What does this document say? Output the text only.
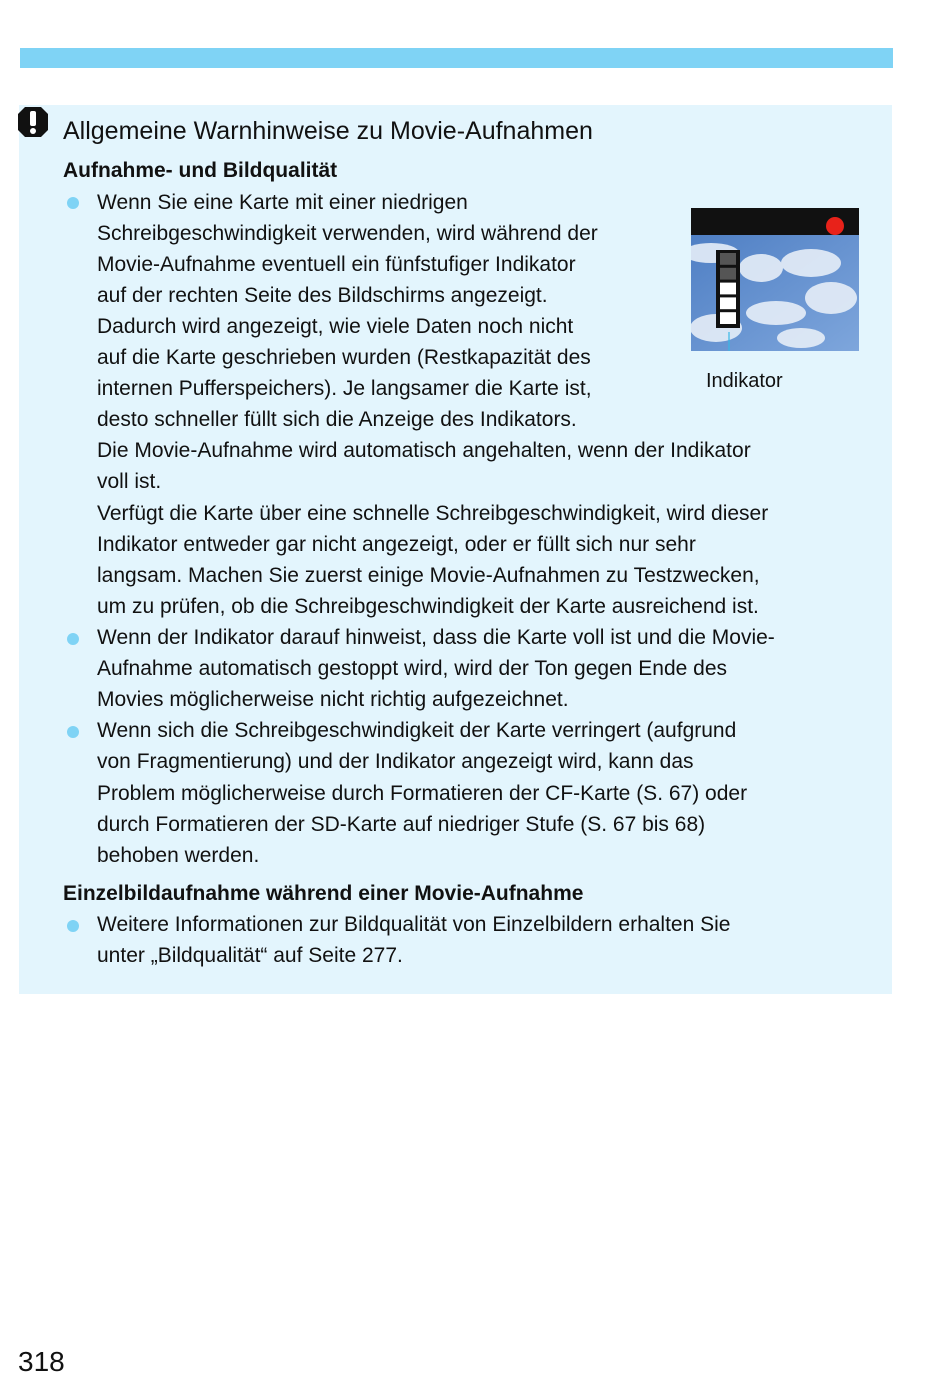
Allgemeine Warnhinweise zu Movie-Aufnahmen
Aufnahme- und Bildqualität

Wenn Sie eine Karte mit einer niedrigen

Schreibgeschwindigkeit verwenden, wird während der

Movie-Aufnahme eventuell ein fünfstufiger Indikator

auf der rechten Seite des Bildschirms angezeigt.

Dadurch wird angezeigt, wie viele Daten noch nicht

auf die Karte geschrieben wurden (Restkapazität des

internen Pufferspeichers). Je langsamer die Karte ist,

desto schneller füllt sich die Anzeige des Indikators.

Die Movie-Aufnahme wird automatisch angehalten, wenn der Indikator

voll ist.

Verfügt die Karte über eine schnelle Schreibgeschwindigkeit, wird dieser

Indikator entweder gar nicht angezeigt, oder er füllt sich nur sehr

langsam. Machen Sie zuerst einige Movie-Aufnahmen zu Testzwecken,

um zu prüfen, ob die Schreibgeschwindigkeit der Karte ausreichend ist.

Wenn der Indikator darauf hinweist, dass die Karte voll ist und die Movie-

Aufnahme automatisch gestoppt wird, wird der Ton gegen Ende des

Movies möglicherweise nicht richtig aufgezeichnet.

Wenn sich die Schreibgeschwindigkeit der Karte verringert (aufgrund

von Fragmentierung) und der Indikator angezeigt wird, kann das

Problem möglicherweise durch Formatieren der CF-Karte (S. 67) oder

durch Formatieren der SD-Karte auf niedriger Stufe (S. 67 bis 68)

behoben werden.

Einzelbildaufnahme während einer Movie-Aufnahme

Weitere Informationen zur Bildqualität von Einzelbildern erhalten Sie

unter „Bildqualität“ auf Seite 277.

Indikator
318
